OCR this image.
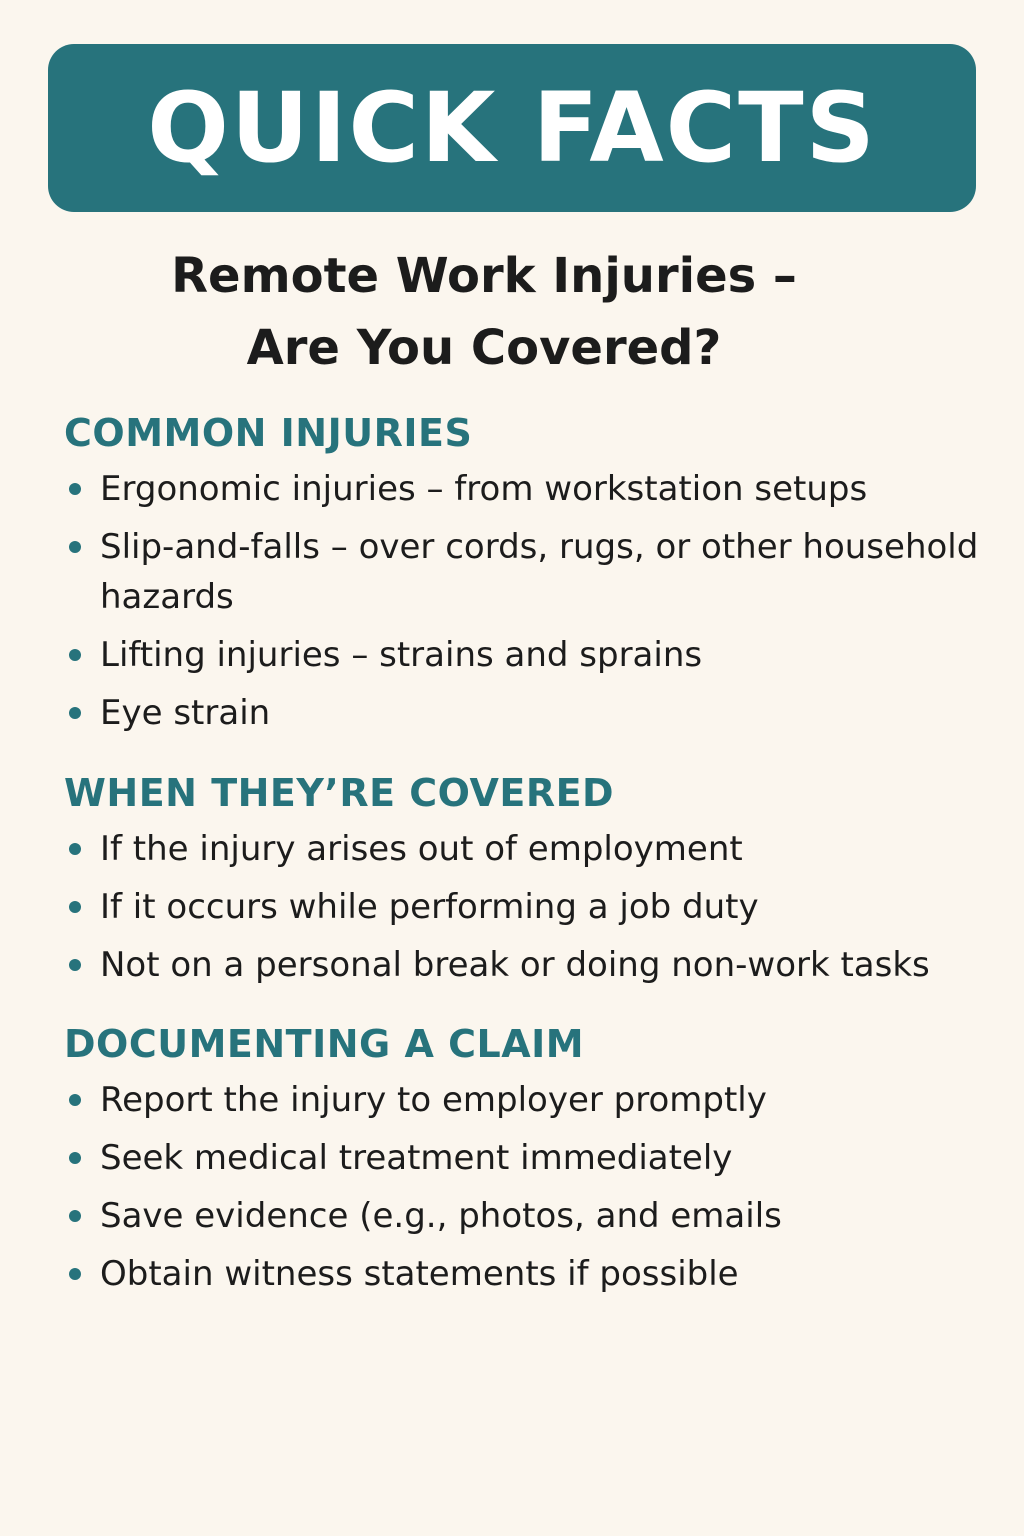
QUICK FACTS
Remote Work Injuries –
Are You Covered?
COMMON INJURIES
Ergonomic injuries – from workstation setups
Slip-and-falls – over cords, rugs, or other household hazards
Lifting injuries – strains and sprains
Eye strain
WHEN THEY’RE COVERED
If the injury arises out of employment
If it occurs while performing a job duty
Not on a personal break or doing non-work tasks
DOCUMENTING A CLAIM
Report the injury to employer promptly
Seek medical treatment immediately
Save evidence (e.g., photos, and emails
Obtain witness statements if possible
